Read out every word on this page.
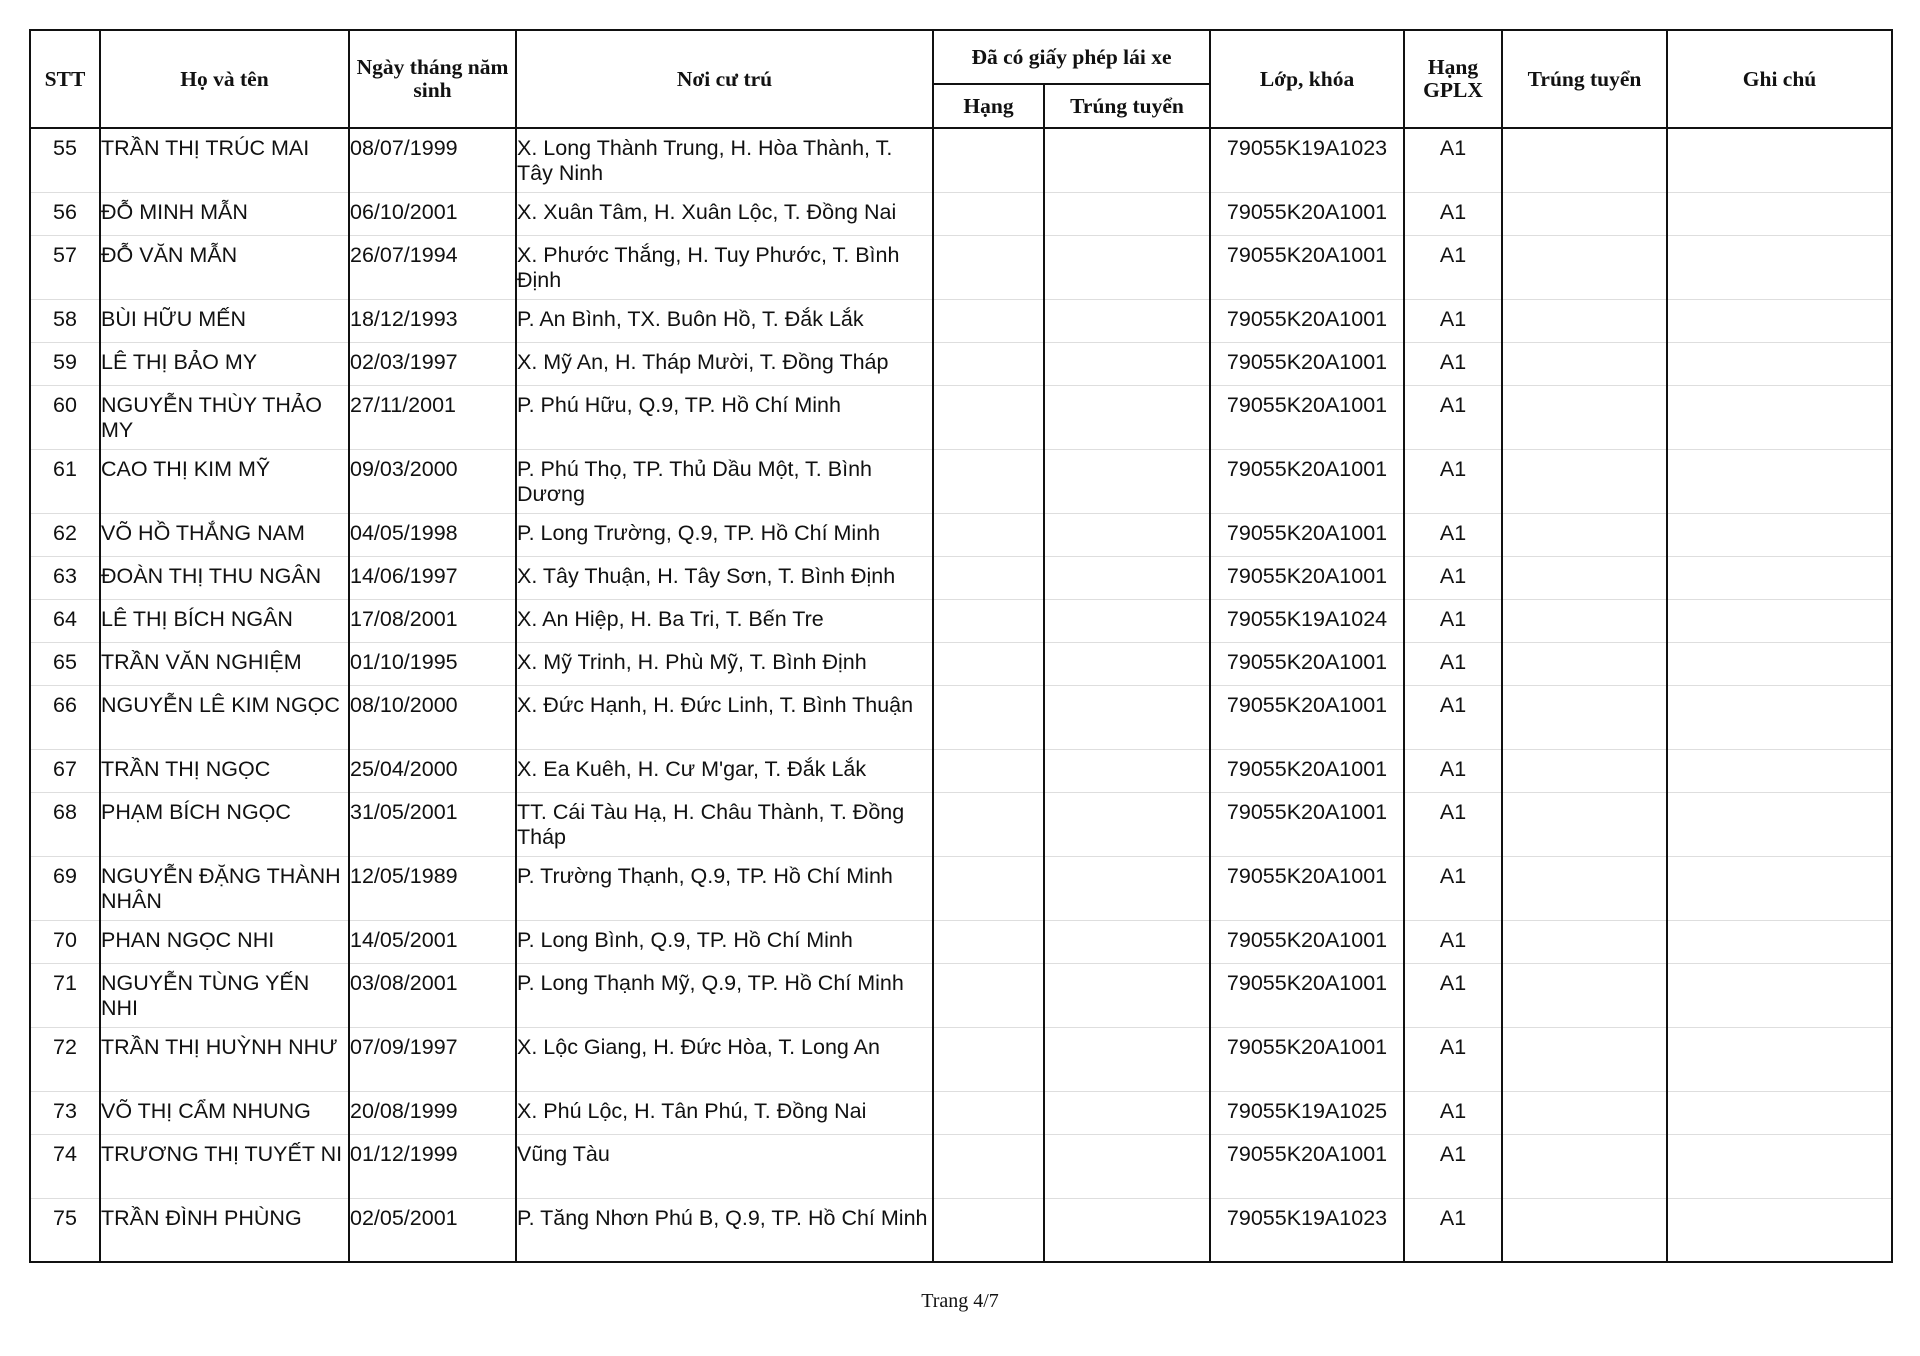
STT	Họ và tên	Ngày tháng năm sinh	Nơi cư trú	Đã có giấy phép lái xe		Lớp, khóa	Hạng GPLX	Trúng tuyển	Ghi chú
				Hạng	Trúng tuyển				
55	TRẦN THỊ TRÚC MAI	08/07/1999	X. Long Thành Trung, H. Hòa Thành, T. Tây Ninh			79055K19A1023	A1		
56	ĐỖ MINH MẪN	06/10/2001	X. Xuân Tâm, H. Xuân Lộc, T. Đồng Nai			79055K20A1001	A1		
57	ĐỖ VĂN MẪN	26/07/1994	X. Phước Thắng, H. Tuy Phước, T. Bình Định			79055K20A1001	A1		
58	BÙI HỮU MẾN	18/12/1993	P. An Bình, TX. Buôn Hồ, T. Đắk Lắk			79055K20A1001	A1		
59	LÊ THỊ BẢO MY	02/03/1997	X. Mỹ An, H. Tháp Mười, T. Đồng Tháp			79055K20A1001	A1		
60	NGUYỄN THÙY THẢO MY	27/11/2001	P. Phú Hữu, Q.9, TP. Hồ Chí Minh			79055K20A1001	A1		
61	CAO THỊ KIM MỸ	09/03/2000	P. Phú Thọ, TP. Thủ Dầu Một, T. Bình Dương			79055K20A1001	A1		
62	VÕ HỒ THẮNG NAM	04/05/1998	P. Long Trường, Q.9, TP. Hồ Chí Minh			79055K20A1001	A1		
63	ĐOÀN THỊ THU NGÂN	14/06/1997	X. Tây Thuận, H. Tây Sơn, T. Bình Định			79055K20A1001	A1		
64	LÊ THỊ BÍCH NGÂN	17/08/2001	X. An Hiệp, H. Ba Tri, T. Bến Tre			79055K19A1024	A1		
65	TRẦN VĂN NGHIỆM	01/10/1995	X. Mỹ Trinh, H. Phù Mỹ, T. Bình Định			79055K20A1001	A1		
66	NGUYỄN LÊ KIM NGỌC	08/10/2000	X. Đức Hạnh, H. Đức Linh, T. Bình Thuận			79055K20A1001	A1		
67	TRẦN THỊ NGỌC	25/04/2000	X. Ea Kuêh, H. Cư M'gar, T. Đắk Lắk			79055K20A1001	A1		
68	PHẠM BÍCH NGỌC	31/05/2001	TT. Cái Tàu Hạ, H. Châu Thành, T. Đồng Tháp			79055K20A1001	A1		
69	NGUYỄN ĐẶNG THÀNH NHÂN	12/05/1989	P. Trường Thạnh, Q.9, TP. Hồ Chí Minh			79055K20A1001	A1		
70	PHAN NGỌC NHI	14/05/2001	P. Long Bình, Q.9, TP. Hồ Chí Minh			79055K20A1001	A1		
71	NGUYỄN TÙNG YẾN NHI	03/08/2001	P. Long Thạnh Mỹ, Q.9, TP. Hồ Chí Minh			79055K20A1001	A1		
72	TRẦN THỊ HUỲNH NHƯ	07/09/1997	X. Lộc Giang, H. Đức Hòa, T. Long An			79055K20A1001	A1		
73	VÕ THỊ CẨM NHUNG	20/08/1999	X. Phú Lộc, H. Tân Phú, T. Đồng Nai			79055K19A1025	A1		
74	TRƯƠNG THỊ TUYẾT NI	01/12/1999	Vũng Tàu			79055K20A1001	A1		
75	TRẦN ĐÌNH PHÙNG	02/05/2001	P. Tăng Nhơn Phú B, Q.9, TP. Hồ Chí Minh			79055K19A1023	A1		
Trang 4/7
